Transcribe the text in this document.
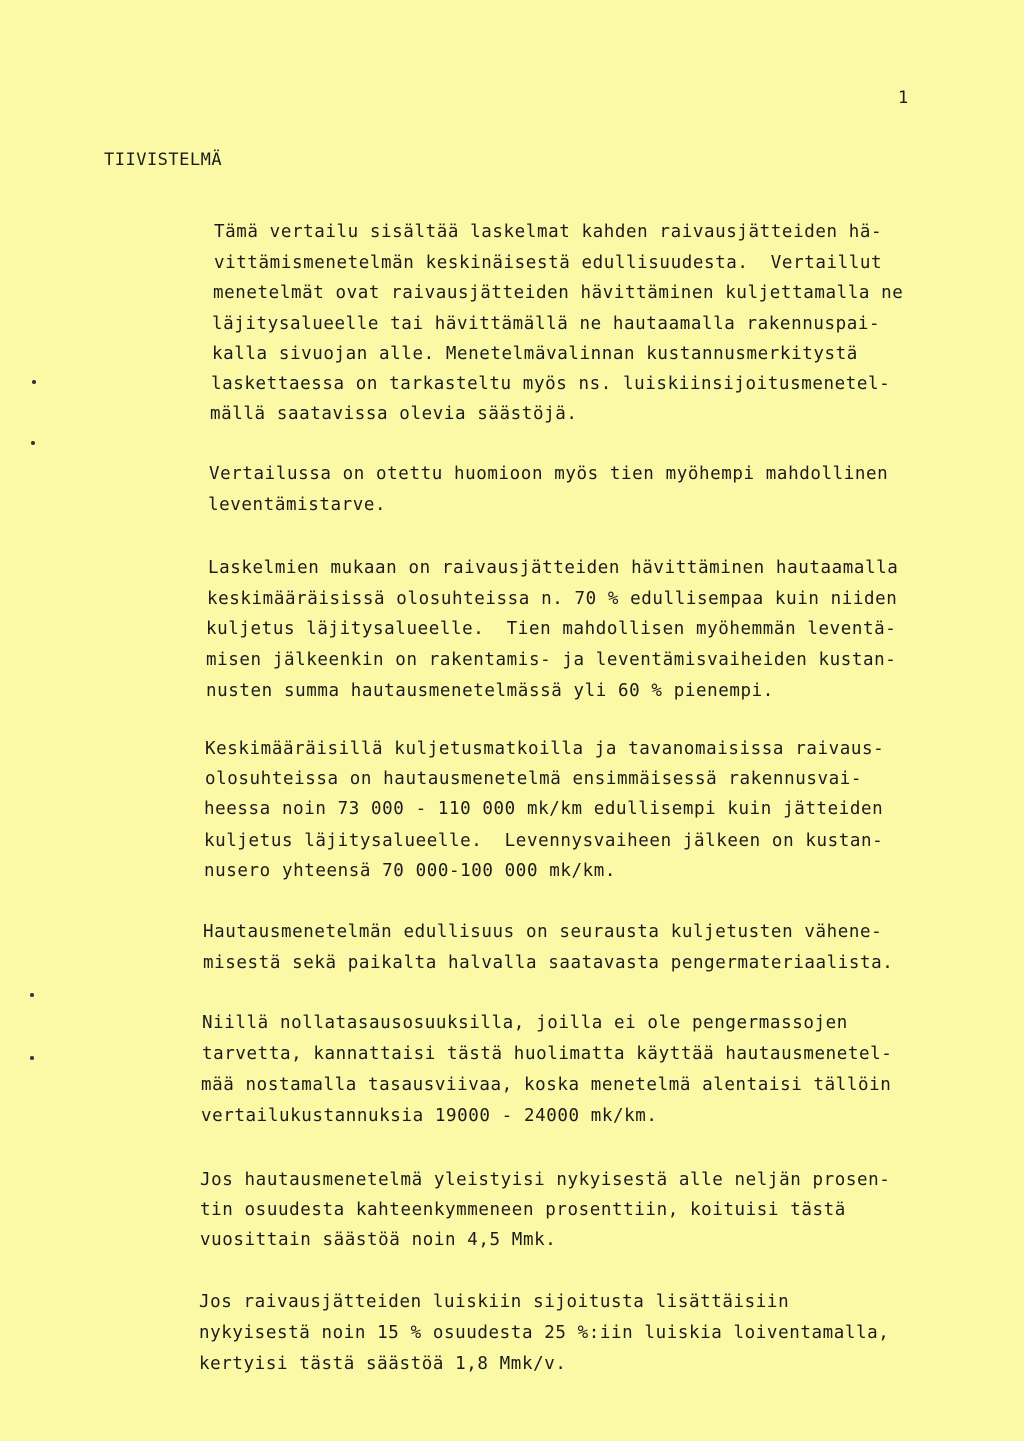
1
TIIVISTELMÄ
Tämä vertailu sisältää laskelmat kahden raivausjätteiden hä-
vittämismenetelmän keskinäisestä edullisuudesta.  Vertaillut
menetelmät ovat raivausjätteiden hävittäminen kuljettamalla ne
läjitysalueelle tai hävittämällä ne hautaamalla rakennuspai-
kalla sivuojan alle. Menetelmävalinnan kustannusmerkitystä
laskettaessa on tarkasteltu myös ns. luiskiinsijoitusmenetel-
mällä saatavissa olevia säästöjä.
Vertailussa on otettu huomioon myös tien myöhempi mahdollinen
leventämistarve.
Laskelmien mukaan on raivausjätteiden hävittäminen hautaamalla
keskimääräisissä olosuhteissa n. 70 % edullisempaa kuin niiden
kuljetus läjitysalueelle.  Tien mahdollisen myöhemmän leventä-
misen jälkeenkin on rakentamis- ja leventämisvaiheiden kustan-
nusten summa hautausmenetelmässä yli 60 % pienempi.
Keskimääräisillä kuljetusmatkoilla ja tavanomaisissa raivaus-
olosuhteissa on hautausmenetelmä ensimmäisessä rakennusvai-
heessa noin 73 000 - 110 000 mk/km edullisempi kuin jätteiden
kuljetus läjitysalueelle.  Levennysvaiheen jälkeen on kustan-
nusero yhteensä 70 000-100 000 mk/km.
Hautausmenetelmän edullisuus on seurausta kuljetusten vähene-
misestä sekä paikalta halvalla saatavasta pengermateriaalista.
Niillä nollatasausosuuksilla, joilla ei ole pengermassojen
tarvetta, kannattaisi tästä huolimatta käyttää hautausmenetel-
mää nostamalla tasausviivaa, koska menetelmä alentaisi tällöin
vertailukustannuksia 19000 - 24000 mk/km.
Jos hautausmenetelmä yleistyisi nykyisestä alle neljän prosen-
tin osuudesta kahteenkymmeneen prosenttiin, koituisi tästä
vuosittain säästöä noin 4,5 Mmk.
Jos raivausjätteiden luiskiin sijoitusta lisättäisiin
nykyisestä noin 15 % osuudesta 25 %:iin luiskia loiventamalla,
kertyisi tästä säästöä 1,8 Mmk/v.
